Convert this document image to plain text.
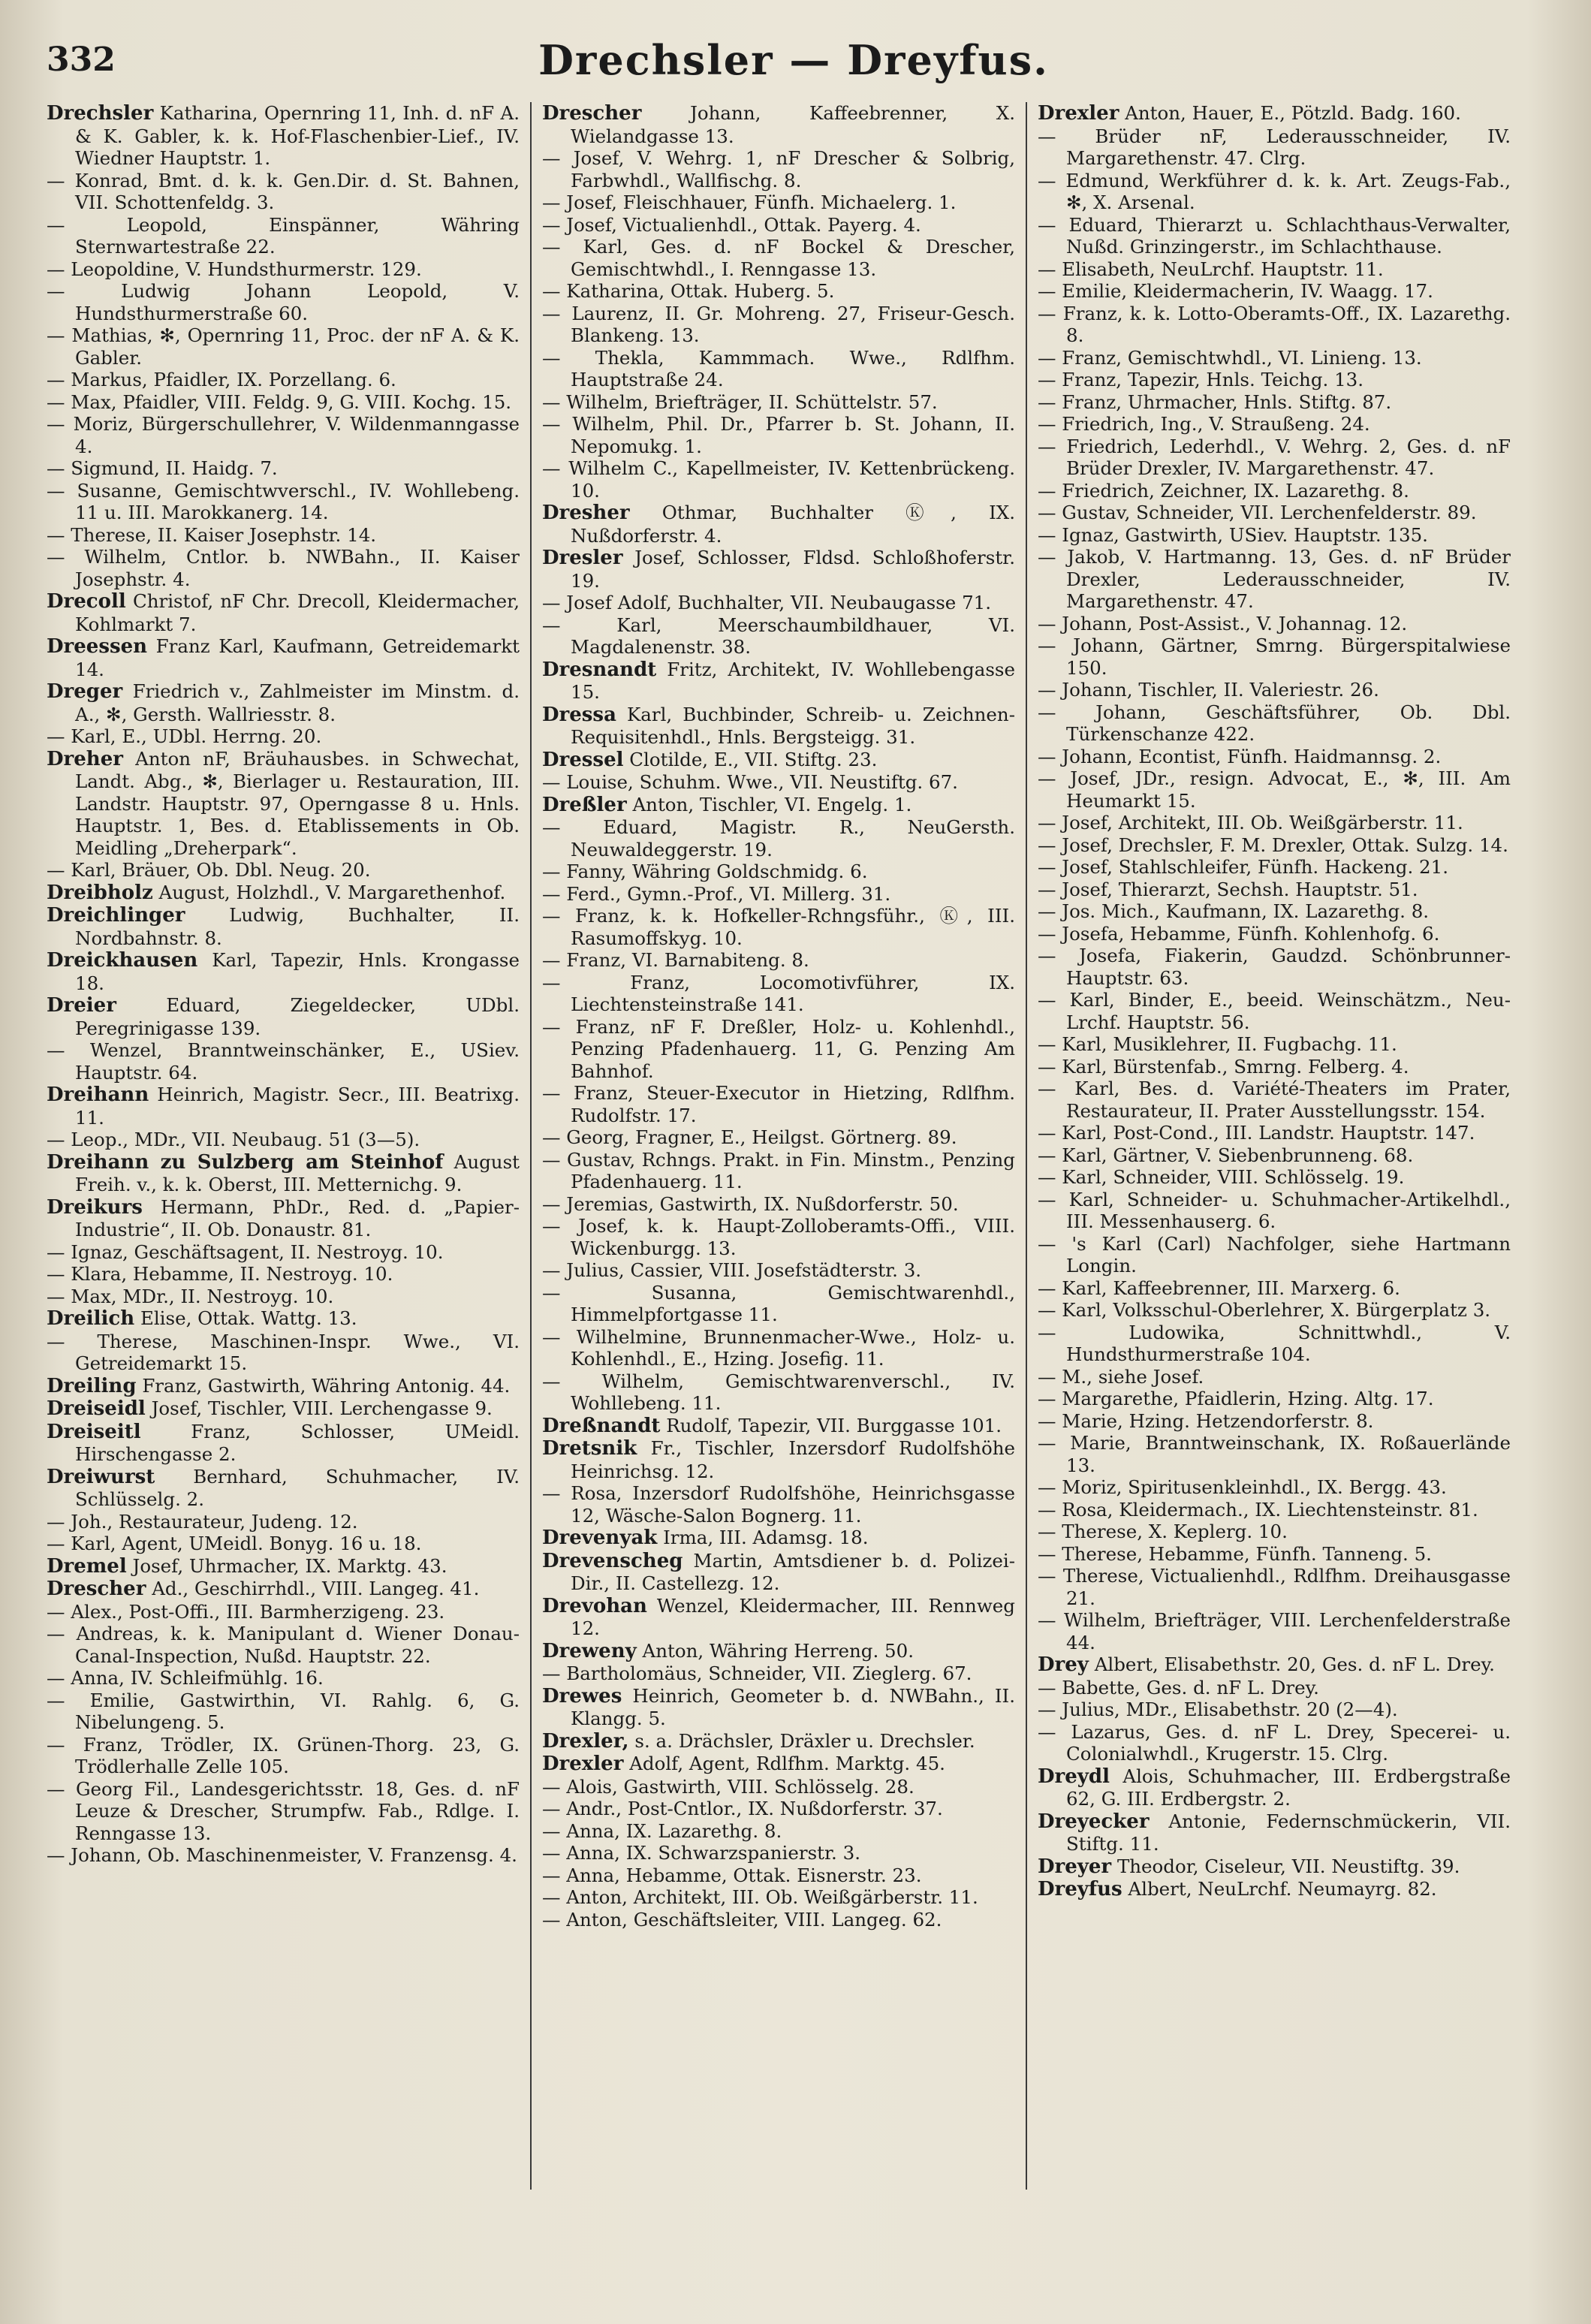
332	Drechsler — Dreyfus.

Drechsler Katharina, Opernring 11, Inh. d. nF A. & K. Gabler, k. k. Hof-Flaschenbier-Lief., IV. Wiedner Hauptstr. 1.

— Konrad, Bmt. d. k. k. Gen.Dir. d. St. Bahnen, VII. Schottenfeldg. 3.

— Leopold, Einspänner, Währing Sternwartestraße 22.

— Leopoldine, V. Hundsthurmerstr. 129.

— Ludwig Johann Leopold, V. Hundsthurmerstraße 60.

— Mathias, ✻, Opernring 11, Proc. der nF A. & K. Gabler.

— Markus, Pfaidler, IX. Porzellang. 6.

— Max, Pfaidler, VIII. Feldg. 9, G. VIII. Kochg. 15.

— Moriz, Bürgerschullehrer, V. Wildenmanngasse 4.

— Sigmund, II. Haidg. 7.

— Susanne, Gemischtwverschl., IV. Wohllebeng. 11 u. III. Marokkanerg. 14.

— Therese, II. Kaiser Josephstr. 14.

— Wilhelm, Cntlor. b. NWBahn., II. Kaiser Josephstr. 4.

Drecoll Christof, nF Chr. Drecoll, Kleidermacher, Kohlmarkt 7.

Dreessen Franz Karl, Kaufmann, Getreidemarkt 14.

Dreger Friedrich v., Zahlmeister im Minstm. d. A., ✻, Gersth. Wallriesstr. 8.

— Karl, E., UDbl. Herrng. 20.

Dreher Anton nF, Bräuhausbes. in Schwechat, Landt. Abg., ✻, Bierlager u. Restauration, III. Landstr. Hauptstr. 97, Operngasse 8 u. Hnls. Hauptstr. 1, Bes. d. Etablissements in Ob. Meidling „Dreherpark“.

— Karl, Bräuer, Ob. Dbl. Neug. 20.

Dreibholz August, Holzhdl., V. Margarethenhof.

Dreichlinger Ludwig, Buchhalter, II. Nordbahnstr. 8.

Dreickhausen Karl, Tapezir, Hnls. Krongasse 18.

Dreier	Eduard, Ziegeldecker, UDbl. Peregrinigasse 139.

— Wenzel, Branntweinschänker, E., USiev. Hauptstr. 64.

Dreihann Heinrich, Magistr. Secr., III. Beatrixg. 11.

— Leop., MDr., VII. Neubaug. 51 (3—5).

Dreihann zu Sulzberg am Steinhof August Freih. v., k. k. Oberst, III. Metternichg. 9.

Dreikurs Hermann, PhDr., Red. d. „Papier-Industrie“, II. Ob. Donaustr. 81.

— Ignaz, Geschäftsagent, II. Nestroyg. 10.

— Klara, Hebamme, II. Nestroyg. 10.

— Max, MDr., II. Nestroyg. 10.

Dreilich Elise, Ottak. Wattg. 13.

— Therese, Maschinen-Inspr. Wwe., VI. Getreidemarkt 15.

Dreiling Franz, Gastwirth, Währing Antonig. 44.

Dreiseidl Josef, Tischler, VIII. Lerchengasse 9.

Dreiseitl	Franz, Schlosser, UMeidl. Hirschengasse 2.

Dreiwurst Bernhard, Schuhmacher, IV. Schlüsselg. 2.

— Joh., Restaurateur, Judeng. 12.

— Karl, Agent, UMeidl. Bonyg. 16 u. 18.

Dremel Josef, Uhrmacher, IX. Marktg. 43.

Drescher Ad., Geschirrhdl., VIII. Langeg. 41.

— Alex., Post-Offi., III. Barmherzigeng. 23.

— Andreas, k. k. Manipulant d. Wiener Donau-Canal-Inspection, Nußd. Hauptstr. 22.

— Anna, IV. Schleifmühlg. 16.

— Emilie, Gastwirthin, VI. Rahlg. 6, G. Nibelungeng. 5.

— Franz, Trödler, IX. Grünen-Thorg. 23, G. Trödlerhalle Zelle 105.

— Georg Fil., Landesgerichtsstr. 18, Ges. d. nF Leuze & Drescher, Strumpfw. Fab., Rdlge. I. Renngasse 13.

— Johann, Ob. Maschinenmeister, V. Franzensg. 4.

Drescher	Johann, Kaffeebrenner, X. Wielandgasse 13.

— Josef, V. Wehrg. 1, nF Drescher & Solbrig, Farbwhdl., Wallfischg. 8.

— Josef, Fleischhauer, Fünfh. Michaelerg. 1.

— Josef, Victualienhdl., Ottak. Payerg. 4.

— Karl, Ges. d. nF Bockel & Drescher, Gemischtwhdl., I. Renngasse 13.

— Katharina, Ottak. Huberg. 5.

— Laurenz, II. Gr. Mohreng. 27, Friseur-Gesch. Blankeng. 13.

— Thekla, Kammmach. Wwe., Rdlfhm. Hauptstraße 24.

— Wilhelm, Briefträger, II. Schüttelstr. 57.

— Wilhelm, Phil. Dr., Pfarrer b. St. Johann, II. Nepomukg. 1.

— Wilhelm C., Kapellmeister, IV. Kettenbrückeng. 10.

Dresher Othmar, Buchhalter Ⓚ, IX. Nußdorferstr. 4.

Dresler Josef, Schlosser, Fldsd. Schloßhoferstr. 19.

— Josef Adolf, Buchhalter, VII. Neubaugasse 71.

— Karl, Meerschaumbildhauer, VI. Magdalenenstr. 38.

Dresnandt Fritz, Architekt, IV. Wohllebengasse 15.

Dressa Karl, Buchbinder, Schreib- u. Zeichnen-Requisitenhdl., Hnls. Bergsteigg. 31.

Dressel Clotilde, E., VII. Stiftg. 23.

— Louise, Schuhm. Wwe., VII. Neustiftg. 67.

Dreßler Anton, Tischler, VI. Engelg. 1.

— Eduard, Magistr. R., NeuGersth. Neuwaldeggerstr. 19.

— Fanny, Währing Goldschmidg. 6.

— Ferd., Gymn.-Prof., VI. Millerg. 31.

— Franz, k. k. Hofkeller-Rchngsführ., Ⓚ, III. Rasumoffskyg. 10.

— Franz, VI. Barnabiteng. 8.

— Franz, Locomotivführer, IX. Liechtensteinstraße 141.

— Franz, nF F. Dreßler, Holz- u. Kohlenhdl., Penzing Pfadenhauerg. 11, G. Penzing Am Bahnhof.

— Franz, Steuer-Executor in Hietzing, Rdlfhm. Rudolfstr. 17.

— Georg, Fragner, E., Heilgst. Görtnerg. 89.

— Gustav, Rchngs. Prakt. in Fin. Minstm., Penzing Pfadenhauerg. 11.

— Jeremias, Gastwirth, IX. Nußdorferstr. 50.

— Josef, k. k. Haupt-Zolloberamts-Offi., VIII. Wickenburgg. 13.

— Julius, Cassier, VIII. Josefstädterstr. 3.

— Susanna, Gemischtwarenhdl., Himmelpfortgasse 11.

— Wilhelmine, Brunnenmacher-Wwe., Holz- u. Kohlenhdl., E., Hzing. Josefig. 11.

— Wilhelm, Gemischtwarenverschl., IV. Wohllebeng. 11.

Dreßnandt Rudolf, Tapezir, VII. Burggasse 101.

Dretsnik Fr., Tischler, Inzersdorf Rudolfshöhe Heinrichsg. 12.

— Rosa, Inzersdorf Rudolfshöhe, Heinrichsgasse 12, Wäsche-Salon Bognerg. 11.

Drevenyak Irma, III. Adamsg. 18.

Drevenscheg Martin, Amtsdiener b. d. Polizei-Dir., II. Castellezg. 12.

Drevohan Wenzel, Kleidermacher, III. Rennweg 12.

Dreweny Anton, Währing Herreng. 50.

— Bartholomäus, Schneider, VII. Zieglerg. 67.

Drewes Heinrich, Geometer b. d. NWBahn., II. Klangg. 5.

Drexler, s. a. Drächsler, Dräxler u. Drechsler.

Drexler Adolf, Agent, Rdlfhm. Marktg. 45.

— Alois, Gastwirth, VIII. Schlösselg. 28.

— Andr., Post-Cntlor., IX. Nußdorferstr. 37.

— Anna, IX. Lazarethg. 8.

— Anna, IX. Schwarzspanierstr. 3.

— Anna, Hebamme, Ottak. Eisnerstr. 23.

— Anton, Architekt, III. Ob. Weißgärberstr. 11.

— Anton, Geschäftsleiter, VIII. Langeg. 62.

Drexler Anton, Hauer, E., Pötzld. Badg. 160.

— Brüder nF, Lederausschneider, IV. Margarethenstr. 47. Clrg.

— Edmund, Werkführer d. k. k. Art. Zeugs-Fab., ✻, X. Arsenal.

— Eduard, Thierarzt u. Schlachthaus-Verwalter, Nußd. Grinzingerstr., im Schlachthause.

— Elisabeth, NeuLrchf. Hauptstr. 11.

— Emilie, Kleidermacherin, IV. Waagg. 17.

— Franz, k. k. Lotto-Oberamts-Off., IX. Lazarethg. 8.

— Franz, Gemischtwhdl., VI. Linieng. 13.

— Franz, Tapezir, Hnls. Teichg. 13.

— Franz, Uhrmacher, Hnls. Stiftg. 87.

— Friedrich, Ing., V. Straußeng. 24.

— Friedrich, Lederhdl., V. Wehrg. 2, Ges. d. nF Brüder Drexler, IV. Margarethenstr. 47.

— Friedrich, Zeichner, IX. Lazarethg. 8.

— Gustav, Schneider, VII. Lerchenfelderstr. 89.

— Ignaz, Gastwirth, USiev. Hauptstr. 135.

— Jakob, V. Hartmanng. 13, Ges. d. nF Brüder Drexler, Lederausschneider, IV. Margarethenstr. 47.

— Johann, Post-Assist., V. Johannag. 12.

— Johann, Gärtner, Smrng. Bürgerspitalwiese 150.

— Johann, Tischler, II. Valeriestr. 26.

— Johann, Geschäftsführer, Ob. Dbl. Türkenschanze 422.

— Johann, Econtist, Fünfh. Haidmannsg. 2.

— Josef, JDr., resign. Advocat, E., ✻, III. Am Heumarkt 15.

— Josef, Architekt, III. Ob. Weißgärberstr. 11.

— Josef, Drechsler, F. M. Drexler, Ottak. Sulzg. 14.

— Josef, Stahlschleifer, Fünfh. Hackeng. 21.

— Josef, Thierarzt, Sechsh. Hauptstr. 51.

— Jos. Mich., Kaufmann, IX. Lazarethg. 8.

— Josefa, Hebamme, Fünfh. Kohlenhofg. 6.

— Josefa, Fiakerin, Gaudzd. Schönbrunner-Hauptstr. 63.

— Karl, Binder, E., beeid. Weinschätzm., Neu-Lrchf. Hauptstr. 56.

— Karl, Musiklehrer, II. Fugbachg. 11.

— Karl, Bürstenfab., Smrng. Felberg. 4.

— Karl, Bes. d. Variété-Theaters im Prater, Restaurateur, II. Prater Ausstellungsstr. 154.

— Karl, Post-Cond., III. Landstr. Hauptstr. 147.

— Karl, Gärtner, V. Siebenbrunneng. 68.

— Karl, Schneider, VIII. Schlösselg. 19.

— Karl, Schneider- u. Schuhmacher-Artikelhdl., III. Messenhauserg. 6.

— 's Karl (Carl) Nachfolger, siehe Hartmann Longin.

— Karl, Kaffeebrenner, III. Marxerg. 6.

— Karl, Volksschul-Oberlehrer, X. Bürgerplatz 3.

— Ludowika, Schnittwhdl., V. Hundsthurmerstraße 104.

— M., siehe Josef.

— Margarethe, Pfaidlerin, Hzing. Altg. 17.

— Marie, Hzing. Hetzendorferstr. 8.

— Marie, Branntweinschank, IX. Roßauerlände 13.

— Moriz, Spiritusenkleinhdl., IX. Bergg. 43.

— Rosa, Kleidermach., IX. Liechtensteinstr. 81.

— Therese, X. Keplerg. 10.

— Therese, Hebamme, Fünfh. Tanneng. 5.

— Therese, Victualienhdl., Rdlfhm. Dreihausgasse 21.

— Wilhelm, Briefträger, VIII. Lerchenfelderstraße 44.

Drey Albert, Elisabethstr. 20, Ges. d. nF L. Drey.

— Babette, Ges. d. nF L. Drey.

— Julius, MDr., Elisabethstr. 20 (2—4).

— Lazarus, Ges. d. nF L. Drey, Specerei- u. Colonialwhdl., Krugerstr. 15. Clrg.

Dreydl Alois, Schuhmacher, III. Erdbergstraße 62, G. III. Erdbergstr. 2.

Dreyecker Antonie, Federnschmückerin, VII. Stiftg. 11.

Dreyer Theodor, Ciseleur, VII. Neustiftg. 39.

Dreyfus Albert, NeuLrchf. Neumayrg. 82.
